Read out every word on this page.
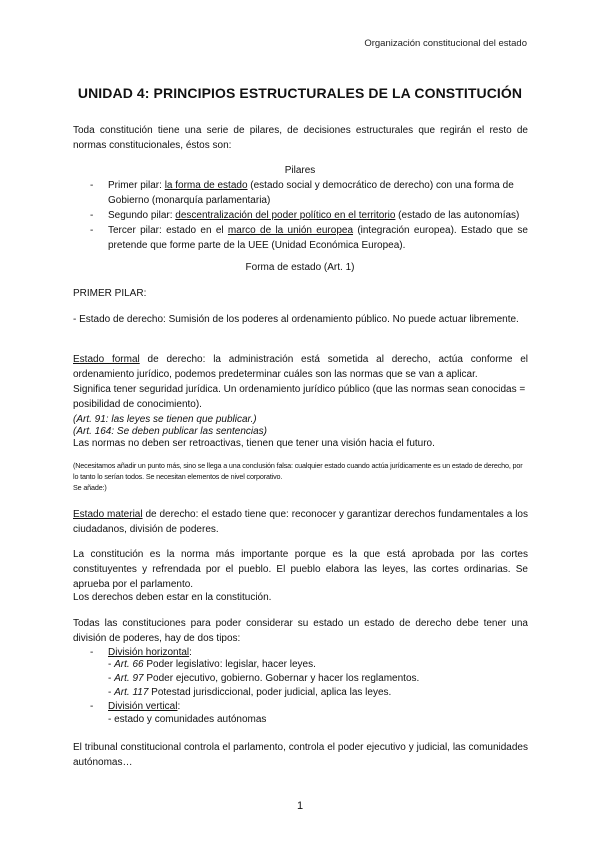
Organización constitucional del estado
UNIDAD 4: PRINCIPIOS ESTRUCTURALES DE LA CONSTITUCIÓN
Toda constitución tiene una serie de pilares, de decisiones estructurales que regirán el resto de normas constitucionales, éstos son:
Pilares
-	Primer pilar: la forma de estado (estado social y democrático de derecho) con una forma de Gobierno (monarquía parlamentaria)
-	Segundo pilar: descentralización del poder político en el territorio (estado de las autonomías)
-	Tercer pilar: estado en el marco de la unión europea (integración europea). Estado que se pretende que forme parte de la UEE (Unidad Económica Europea).
Forma de estado (Art. 1)
PRIMER PILAR:
- Estado de derecho: Sumisión de los poderes al ordenamiento público. No puede actuar libremente.
Estado formal de derecho: la administración está sometida al derecho, actúa conforme el ordenamiento jurídico, podemos predeterminar cuáles son las normas que se van a aplicar.
Significa tener seguridad jurídica. Un ordenamiento jurídico público (que las normas sean conocidas = posibilidad de conocimiento).
(Art. 91: las leyes se tienen que publicar.)
(Art. 164: Se deben publicar las sentencias)
Las normas no deben ser retroactivas, tienen que tener una visión hacia el futuro.
(Necesitamos añadir un punto más, sino se llega a una conclusión falsa: cualquier estado cuando actúa jurídicamente es un estado de derecho, por lo tanto lo serían todos. Se necesitan elementos de nivel corporativo.
Se añade:)
Estado material de derecho: el estado tiene que: reconocer y garantizar derechos fundamentales a los ciudadanos, división de poderes.
La constitución es la norma más importante porque es la que está aprobada por las cortes constituyentes y refrendada por el pueblo. El pueblo elabora las leyes, las cortes ordinarias. Se aprueba por el parlamento.
Los derechos deben estar en la constitución.
Todas las constituciones para poder considerar su estado un estado de derecho debe tener una división de poderes, hay de dos tipos:
-	División horizontal:
- Art. 66 Poder legislativo: legislar, hacer leyes.
- Art. 97 Poder ejecutivo, gobierno. Gobernar y hacer los reglamentos.
- Art. 117 Potestad jurisdiccional, poder judicial, aplica las leyes.
-	División vertical:
- estado y comunidades autónomas
El tribunal constitucional controla el parlamento, controla el poder ejecutivo y judicial, las comunidades autónomas…
1
